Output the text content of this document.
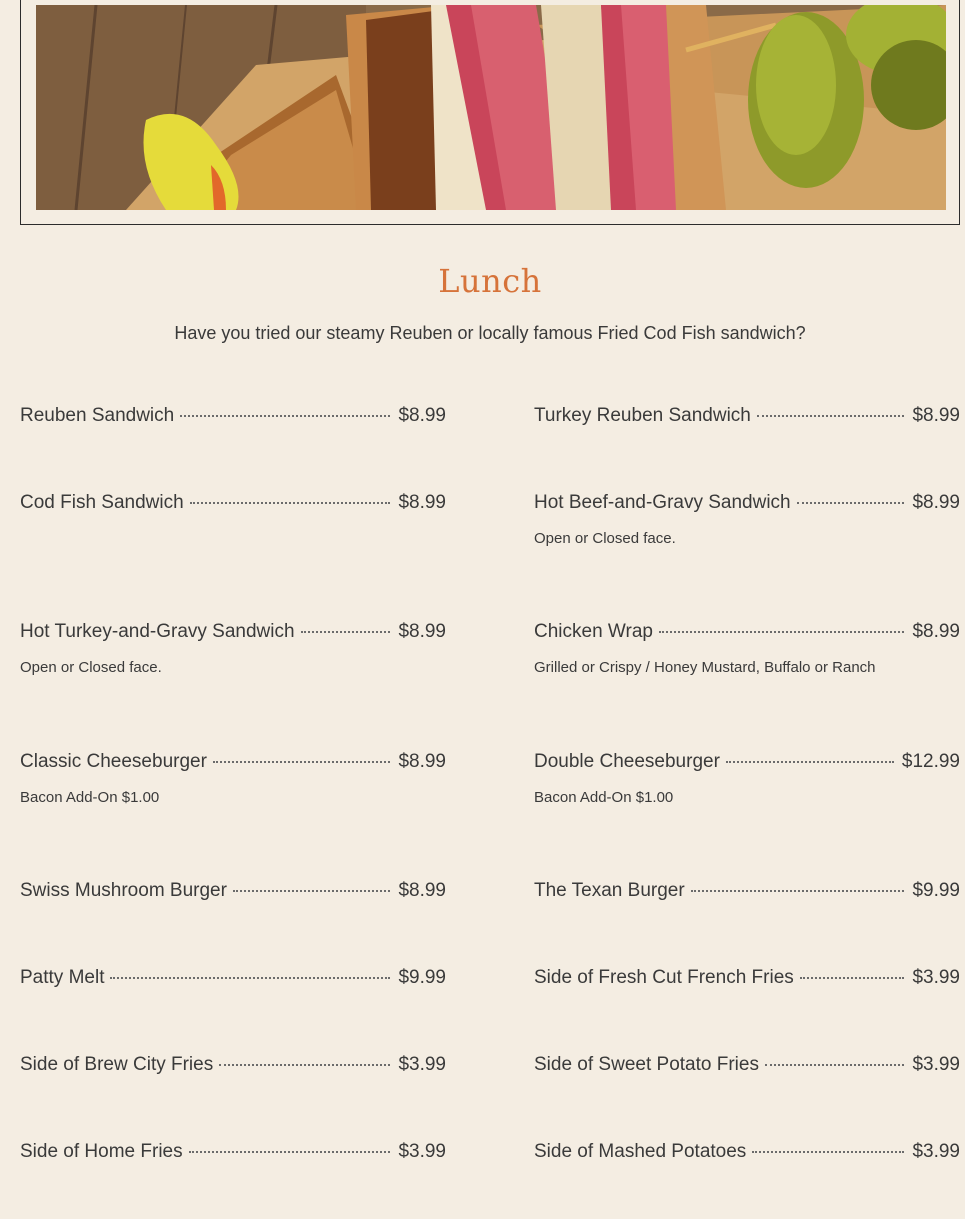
Lunch
Have you tried our steamy Reuben or locally famous Fried Cod Fish sandwich?
Reuben Sandwich	$8.99
Cod Fish Sandwich	$8.99
Hot Turkey-and-Gravy Sandwich	$8.99
Open or Closed face.
Classic Cheeseburger	$8.99
Bacon Add-On $1.00
Swiss Mushroom Burger	$8.99
Patty Melt	$9.99
Side of Brew City Fries	$3.99
Side of Home Fries	$3.99
Turkey Reuben Sandwich	$8.99
Hot Beef-and-Gravy Sandwich	$8.99
Open or Closed face.
Chicken Wrap	$8.99
Grilled or Crispy / Honey Mustard, Buffalo or Ranch
Double Cheeseburger	$12.99
Bacon Add-On $1.00
The Texan Burger	$9.99
Side of Fresh Cut French Fries	$3.99
Side of Sweet Potato Fries	$3.99
Side of Mashed Potatoes	$3.99
